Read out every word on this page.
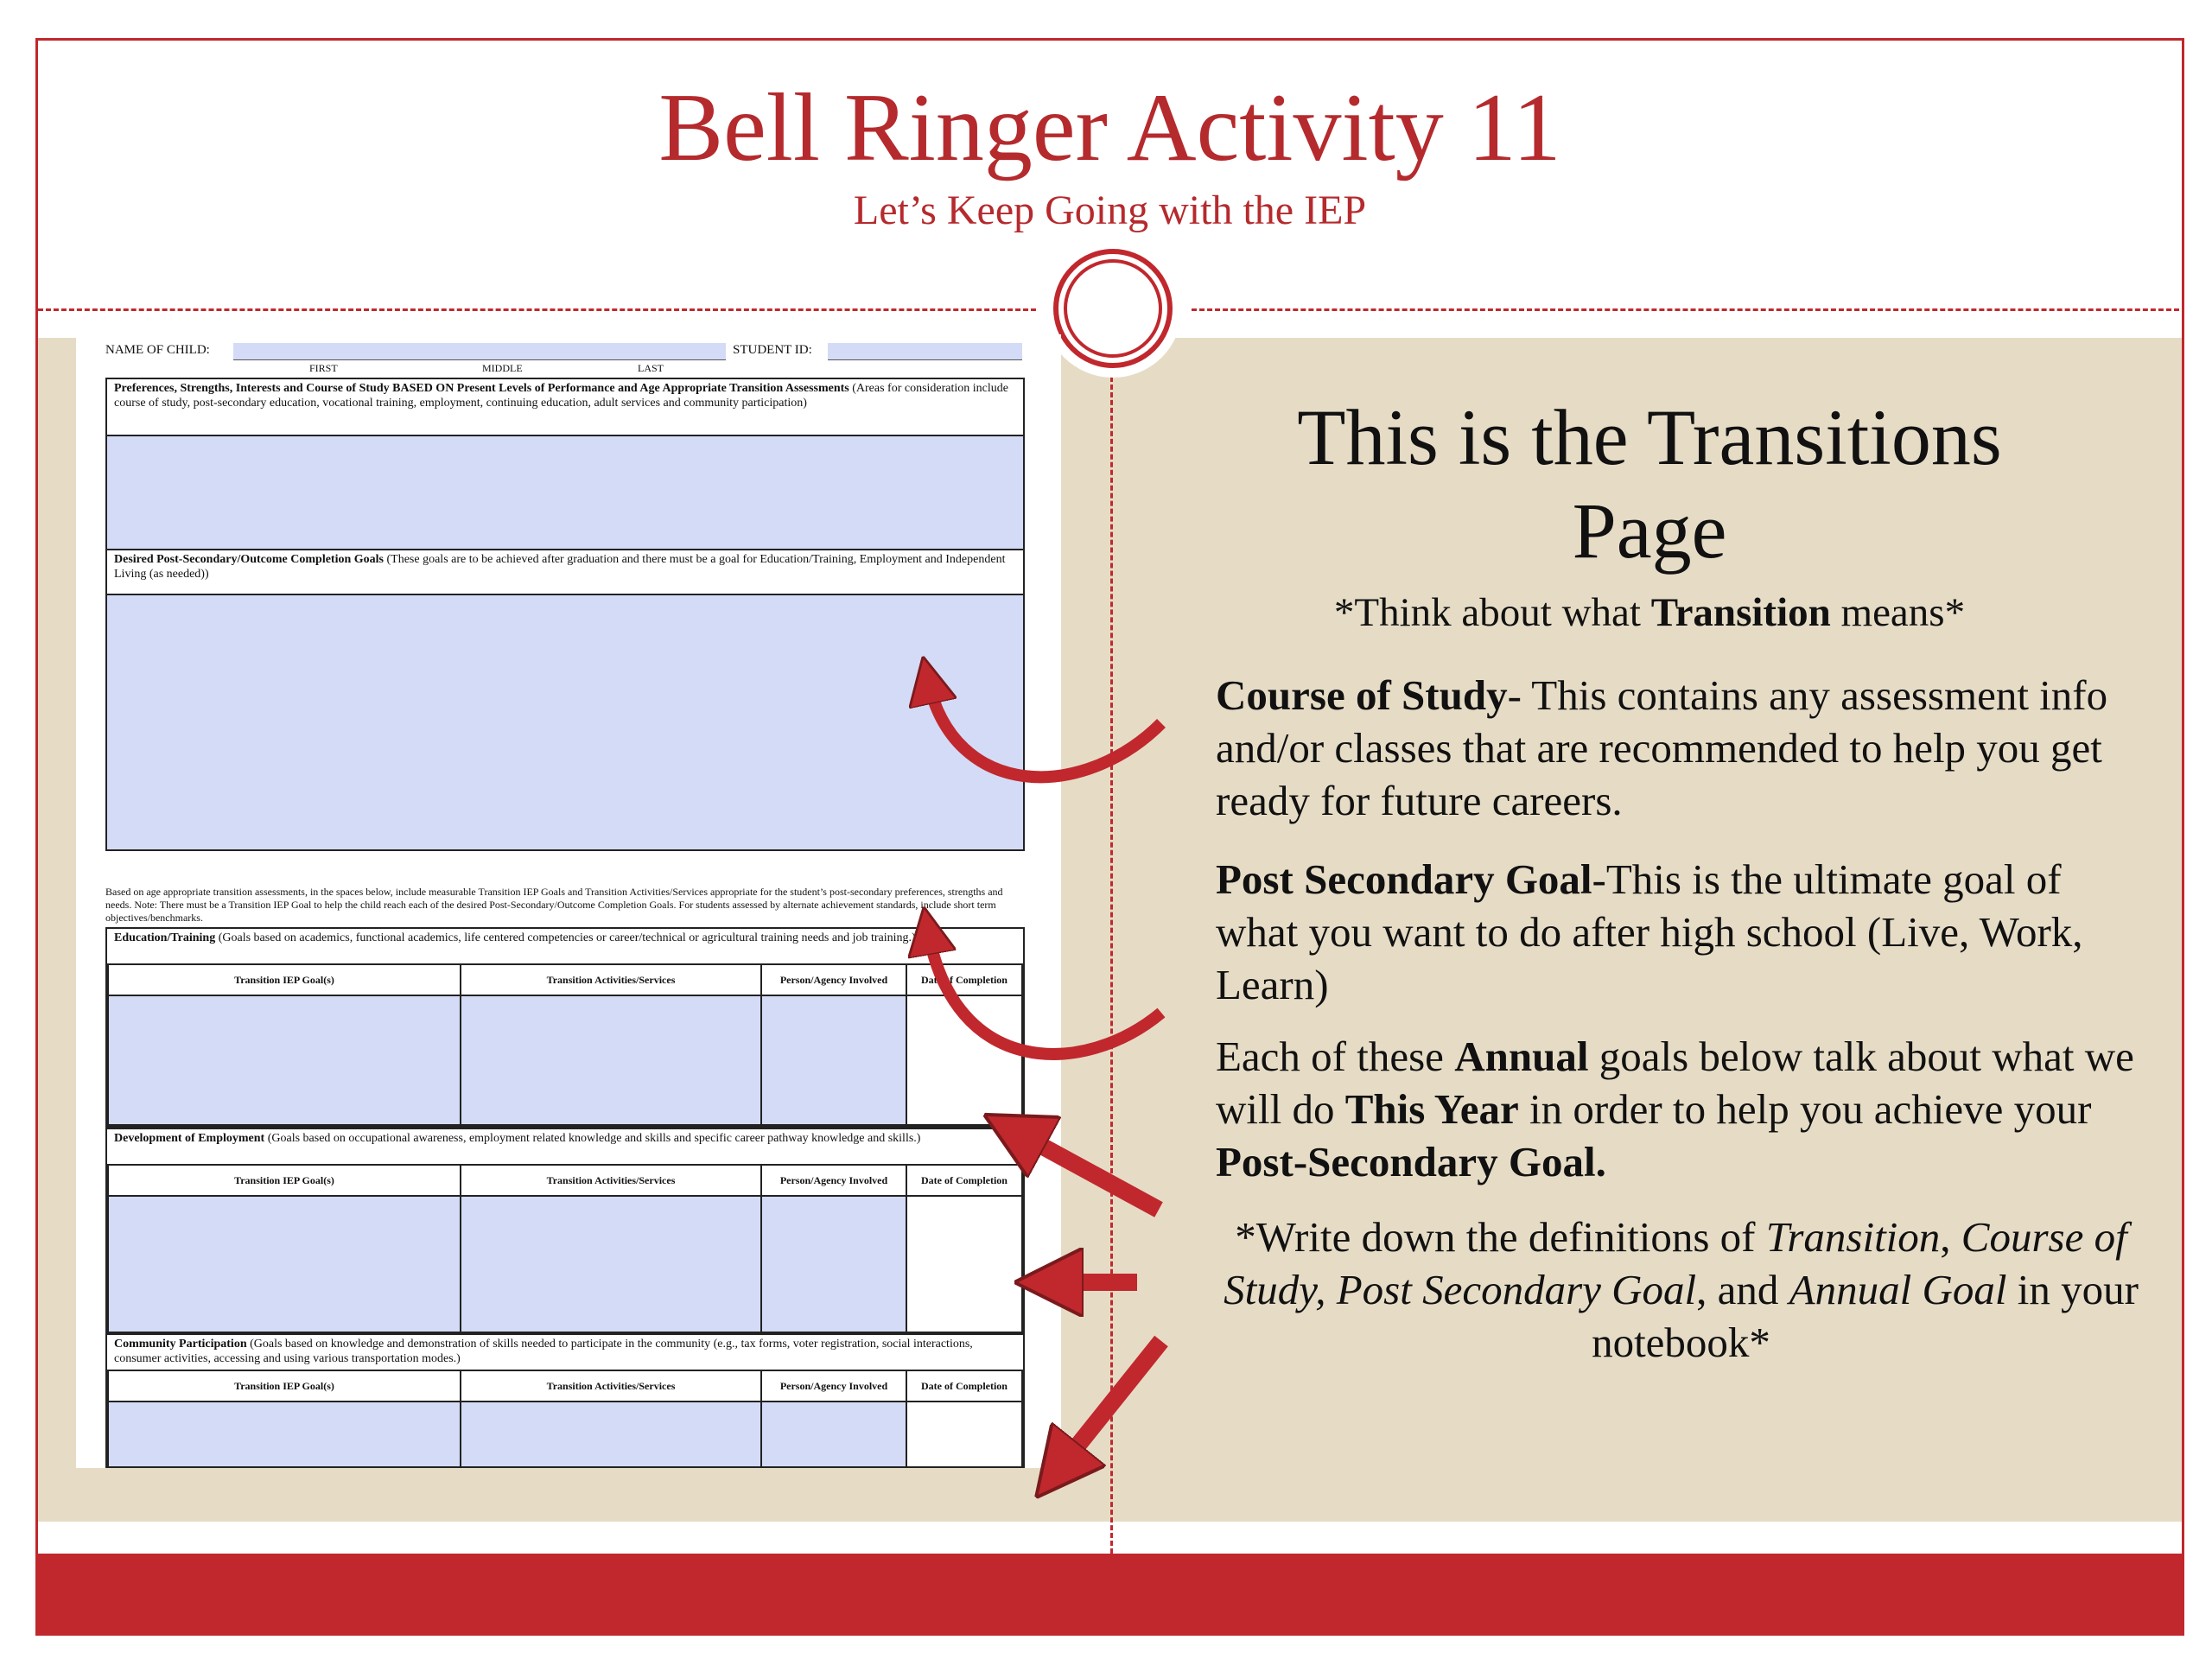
Bell Ringer Activity 11
Let’s Keep Going with the IEP
NAME OF CHILD:	STUDENT ID:
FIRST	MIDDLE	LAST
Preferences, Strengths, Interests and Course of Study BASED ON Present Levels of Performance and Age Appropriate Transition Assessments (Areas for consideration include course of study, post-secondary education, vocational training, employment, continuing education, adult services and community participation)
Desired Post-Secondary/Outcome Completion Goals (These goals are to be achieved after graduation and there must be a goal for Education/Training, Employment and Independent Living (as needed))
Based on age appropriate transition assessments, in the spaces below, include measurable Transition IEP Goals and Transition Activities/Services appropriate for the student’s post-secondary preferences, strengths and needs. Note: There must be a Transition IEP Goal to help the child reach each of the desired Post-Secondary/Outcome Completion Goals. For students assessed by alternate achievement standards, include short term objectives/benchmarks.
Education/Training (Goals based on academics, functional academics, life centered competencies or career/technical or agricultural training needs and job training.)
Transition IEP Goal(s)	Transition Activities/Services	Person/Agency Involved	Date of Completion

Development of Employment (Goals based on occupational awareness, employment related knowledge and skills and specific career pathway knowledge and skills.)
Transition IEP Goal(s)	Transition Activities/Services	Person/Agency Involved	Date of Completion

Community Participation (Goals based on knowledge and demonstration of skills needed to participate in the community (e.g., tax forms, voter registration, social interactions, consumer activities, accessing and using various transportation modes.)
Transition IEP Goal(s)	Transition Activities/Services	Person/Agency Involved	Date of Completion

This is the Transitions
Page
*Think about what Transition means*
Course of Study- This contains any assessment info and/or classes that are recommended to help you get ready for future careers.
Post Secondary Goal-This is the ultimate goal of what you want to do after high school (Live, Work, Learn)
Each of these Annual goals below talk about what we will do This Year in order to help you achieve your Post-Secondary Goal.
*Write down the definitions of Transition, Course of Study, Post Secondary Goal, and Annual Goal in your notebook*
